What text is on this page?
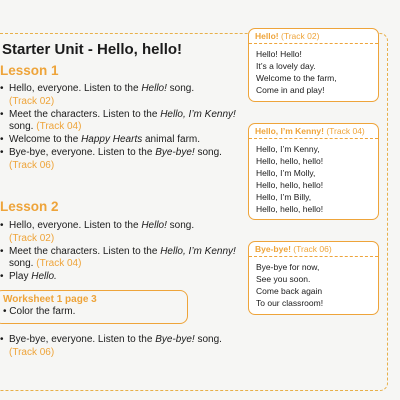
Starter Unit - Hello, hello!
Lesson 1
• Hello, everyone. Listen to the Hello! song.
(Track 02)
• Meet the characters. Listen to the Hello, I’m Kenny! song. (Track 04)
• Welcome to the Happy Hearts animal farm.
• Bye-bye, everyone. Listen to the Bye-bye! song.
(Track 06)
Lesson 2
• Hello, everyone. Listen to the Hello! song.
(Track 02)
• Meet the characters. Listen to the Hello, I’m Kenny! song. (Track 04)
• Play Hello.
Worksheet 1 page 3
• Color the farm.
• Bye-bye, everyone. Listen to the Bye-bye! song.
(Track 06)
Hello! (Track 02)
Hello! Hello!
It’s a lovely day.
Welcome to the farm,
Come in and play!
Hello, I’m Kenny! (Track 04)
Hello, I’m Kenny,
Hello, hello, hello!
Hello, I’m Molly,
Hello, hello, hello!
Hello, I’m Billy,
Hello, hello, hello!
Bye-bye! (Track 06)
Bye-bye for now,
See you soon.
Come back again
To our classroom!
